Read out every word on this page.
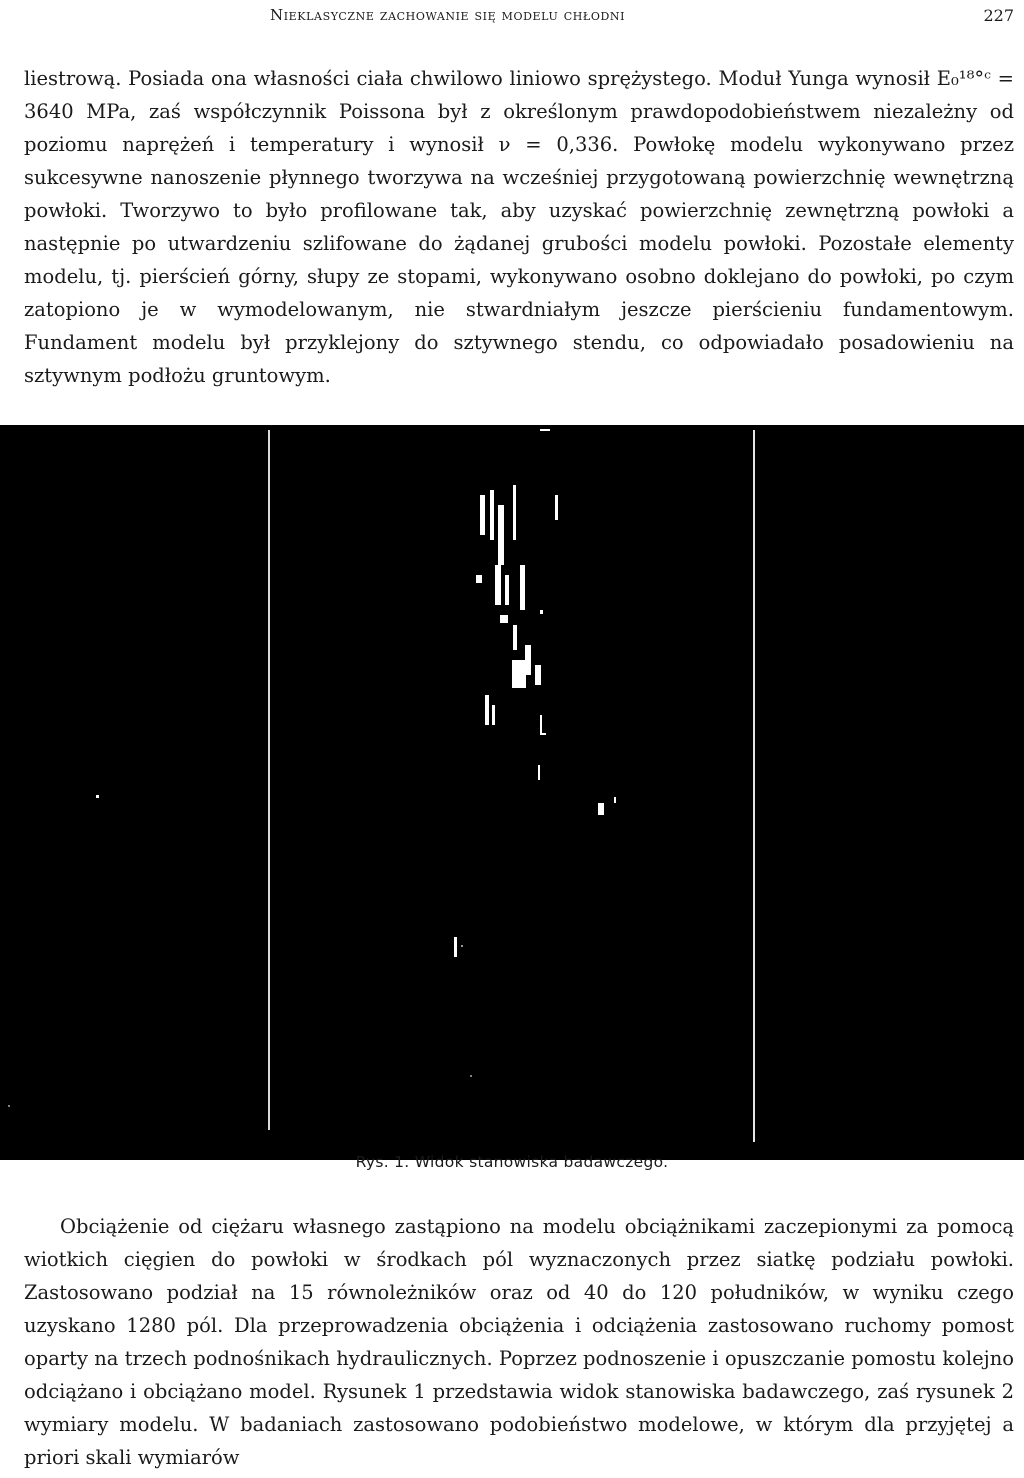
Nieklasyczne zachowanie się modelu chłodni	227

liestrową. Posiada ona własności ciała chwilowo liniowo sprężystego. Moduł Yunga wynosił E₀¹⁸°ᶜ = 3640 MPa, zaś współczynnik Poissona był z określonym prawdopodobieństwem niezależny od poziomu naprężeń i temperatury i wynosił ν = 0,336. Powłokę modelu wykonywano przez sukcesywne nanoszenie płynnego tworzywa na wcześniej przygotowaną powierzchnię wewnętrzną powłoki. Tworzywo to było profilowane tak, aby uzyskać powierzchnię zewnętrzną powłoki a następnie po utwardzeniu szlifowane do żądanej grubości modelu powłoki. Pozostałe elementy modelu, tj. pierścień górny, słupy ze stopami, wykonywano osobno doklejano do powłoki, po czym zatopiono je w wymodelowanym, nie stwardniałym jeszcze pierścieniu fundamentowym. Fundament modelu był przyklejony do sztywnego stendu, co odpowiadało posadowieniu na sztywnym podłożu gruntowym.

Rys. 1. Widok stanowiska badawczego.

Obciążenie od ciężaru własnego zastąpiono na modelu obciążnikami zaczepionymi za pomocą wiotkich cięgien do powłoki w środkach pól wyznaczonych przez siatkę podziału powłoki. Zastosowano podział na 15 równoleżników oraz od 40 do 120 południków, w wyniku czego uzyskano 1280 pól. Dla przeprowadzenia obciążenia i odciążenia zastosowano ruchomy pomost oparty na trzech podnośnikach hydraulicznych. Poprzez podnoszenie i opuszczanie pomostu kolejno odciążano i obciążano model. Rysunek 1 przedstawia widok stanowiska badawczego, zaś rysunek 2 wymiary modelu. W badaniach zastosowano podobieństwo modelowe, w którym dla przyjętej a priori skali wymiarów
